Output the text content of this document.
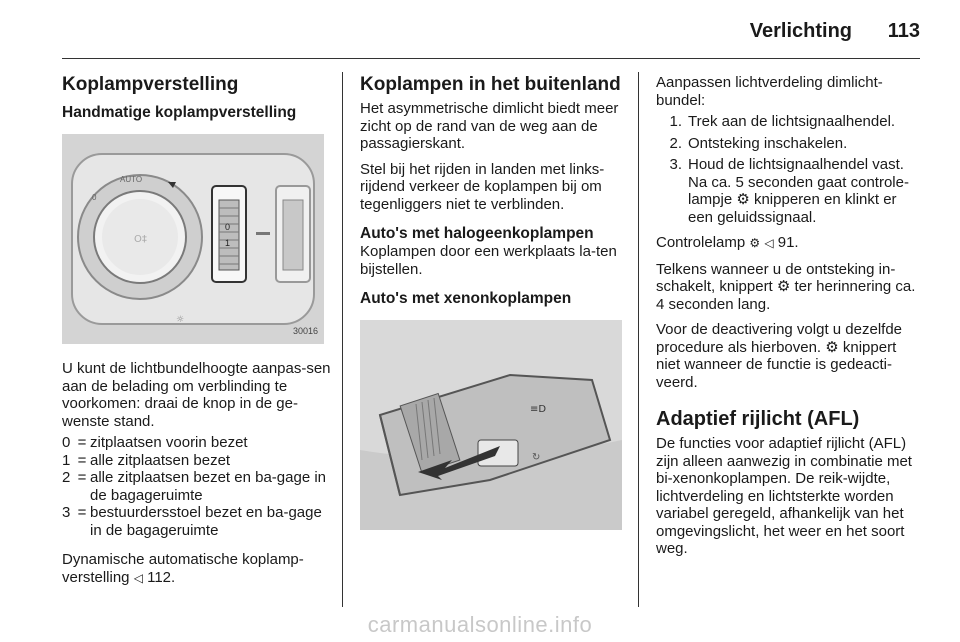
Verlichting 113
Koplampverstelling
Handmatige koplampverstelling
AUTO
0
O‡
0
1
☼
30016

U kunt de lichtbundelhoogte aanpas-sen aan de belading om verblinding te voorkomen: draai de knop in de ge-wenste stand.

0 = zitplaatsen voorin bezet
1 = alle zitplaatsen bezet
2 = alle zitplaatsen bezet en ba-gage in de bagageruimte
3 = bestuurdersstoel bezet en ba-gage in de bagageruimte

Dynamische automatische koplamp-verstelling ◁ 112.

Koplampen in het buitenland

Het asymmetrische dimlicht biedt meer zicht op de rand van de weg aan de passagierskant.

Stel bij het rijden in landen met links-rijdend verkeer de koplampen bij om tegenliggers niet te verblinden.

Auto's met halogeenkoplampen

Koplampen door een werkplaats la-ten bijstellen.

Auto's met xenonkoplampen
≡D
↻

Aanpassen lichtverdeling dimlicht-bundel:

1. Trek aan de lichtsignaalhendel.
2. Ontsteking inschakelen.
3. Houd de lichtsignaalhendel vast. Na ca. 5 seconden gaat controle-lampje ⚙ knipperen en klinkt er een geluidssignaal.

Controlelamp ⚙ ◁ 91.

Telkens wanneer u de ontsteking in-schakelt, knippert ⚙ ter herinnering ca. 4 seconden lang.

Voor de deactivering volgt u dezelfde procedure als hierboven. ⚙ knippert niet wanneer de functie is gedeacti-veerd.

Adaptief rijlicht (AFL)

De functies voor adaptief rijlicht (AFL) zijn alleen aanwezig in combinatie met bi-xenonkoplampen. De reik-wijdte, lichtverdeling en lichtsterkte worden variabel geregeld, afhankelijk van het omgevingslicht, het weer en het soort weg.

carmanualsonline.info
